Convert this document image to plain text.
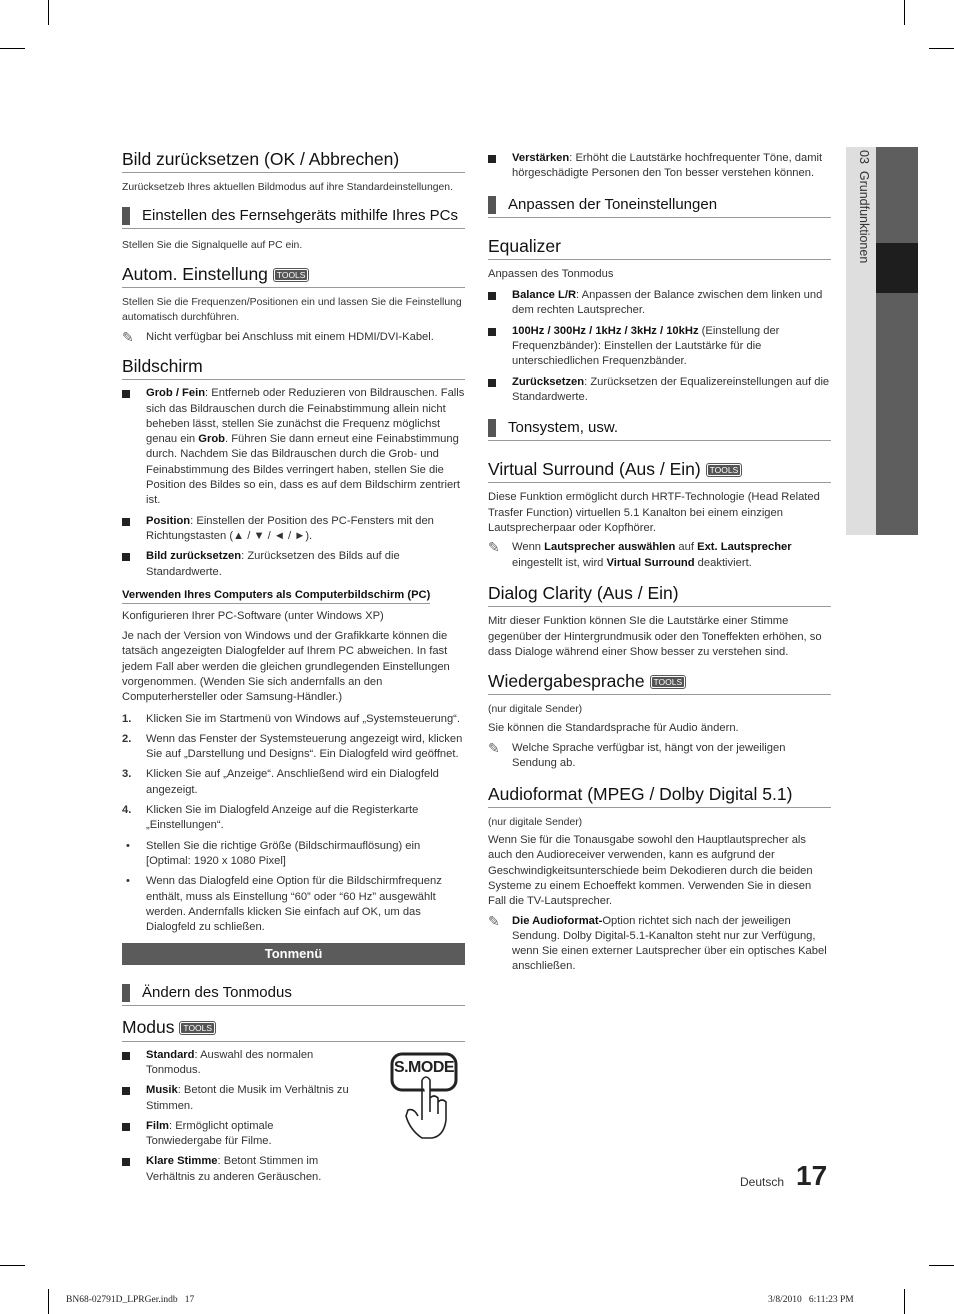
03  Grundfunktionen
Bild zurücksetzen (OK / Abbrechen)

Zurücksetzeb Ihres aktuellen Bildmodus auf ihre Standardeinstellungen.

Einstellen des Fernsehgeräts mithilfe Ihres PCs

Stellen Sie die Signalquelle auf PC ein.

Autom. Einstellung TOOLS

Stellen Sie die Frequenzen/Positionen ein und lassen Sie die Feinstellung automatisch durchführen.

✎ Nicht verfügbar bei Anschluss mit einem HDMI/DVI-Kabel.
Bildschirm
Grob / Fein: Entferneb oder Reduzieren von Bildrauschen. Falls sich das Bildrauschen durch die Feinabstimmung allein nicht beheben lässt, stellen Sie zunächst die Frequenz möglichst genau ein Grob. Führen Sie dann erneut eine Feinabstimmung durch. Nachdem Sie das Bildrauschen durch die Grob- und Feinabstimmung des Bildes verringert haben, stellen Sie die Position des Bildes so ein, dass es auf dem Bildschirm zentriert ist.
Position: Einstellen der Position des PC-Fensters mit den Richtungstasten (▲ / ▼ / ◄ / ►).
Bild zurücksetzen: Zurücksetzen des Bilds auf die Standardwerte.
Verwenden Ihres Computers als Computerbildschirm (PC)

Konfigurieren Ihrer PC-Software (unter Windows XP)

Je nach der Version von Windows und der Grafikkarte können die tatsäch angezeigten Dialogfelder auf Ihrem PC abweichen. In fast jedem Fall aber werden die gleichen grundlegenden Einstellungen vorgenommen. (Wenden Sie sich andernfalls an den Computerhersteller oder Samsung-Händler.)

1. Klicken Sie im Startmenü von Windows auf „Systemsteuerung“.
2. Wenn das Fenster der Systemsteuerung angezeigt wird, klicken Sie auf „Darstellung und Designs“. Ein Dialogfeld wird geöffnet.
3. Klicken Sie auf „Anzeige“. Anschließend wird ein Dialogfeld angezeigt.
4. Klicken Sie im Dialogfeld Anzeige auf die Registerkarte „Einstellungen“.
• Stellen Sie die richtige Größe (Bildschirmauflösung) ein [Optimal: 1920 x 1080 Pixel]
• Wenn das Dialogfeld eine Option für die Bildschirmfrequenz enthält, muss als Einstellung “60” oder “60 Hz” ausgewählt werden. Andernfalls klicken Sie einfach auf OK, um das Dialogfeld zu schließen.
Tonmenü
Ändern des Tonmodus
Modus TOOLS
Standard: Auswahl des normalen Tonmodus.
Musik: Betont die Musik im Verhältnis zu Stimmen.
Film: Ermöglicht optimale Tonwiedergabe für Filme.
Klare Stimme: Betont Stimmen im Verhältnis zu anderen Geräuschen.
S.MODE
Verstärken: Erhöht die Lautstärke hochfrequenter Töne, damit hörgeschädigte Personen den Ton besser verstehen können.
Anpassen der Toneinstellungen
Equalizer

Anpassen des Tonmodus

Balance L/R: Anpassen der Balance zwischen dem linken und dem rechten Lautsprecher.
100Hz / 300Hz / 1kHz / 3kHz / 10kHz (Einstellung der Frequenzbänder): Einstellen der Lautstärke für die unterschiedlichen Frequenzbänder.
Zurücksetzen: Zurücksetzen der Equalizereinstellungen auf die Standardwerte.
Tonsystem, usw.
Virtual Surround (Aus / Ein) TOOLS

Diese Funktion ermöglicht durch HRTF-Technologie (Head Related Trasfer Function) virtuellen 5.1 Kanalton bei einem einzigen Lautsprecherpaar oder Kopfhörer.

✎ Wenn Lautsprecher auswählen auf Ext. Lautsprecher eingestellt ist, wird Virtual Surround deaktiviert.
Dialog Clarity (Aus / Ein)

Mitr dieser Funktion können SIe die Lautstärke einer Stimme gegenüber der Hintergrundmusik oder den Toneffekten erhöhen, so dass Dialoge während einer Show besser zu verstehen sind.

Wiedergabesprache TOOLS

(nur digitale Sender)

Sie können die Standardsprache für Audio ändern.

✎ Welche Sprache verfügbar ist, hängt von der jeweiligen Sendung ab.
Audioformat (MPEG / Dolby Digital 5.1)

(nur digitale Sender)

Wenn Sie für die Tonausgabe sowohl den Hauptlautsprecher als auch den Audioreceiver verwenden, kann es aufgrund der Geschwindigkeitsunterschiede beim Dekodieren durch die beiden Systeme zu einem Echoeffekt kommen. Verwenden Sie in diesen Fall die TV-Lautsprecher.

✎ Die Audioformat-Option richtet sich nach der jeweiligen Sendung. Dolby Digital-5.1-Kanalton steht nur zur Verfügung, wenn Sie einen externer Lautsprecher über ein optisches Kabel anschließen.
Deutsch 17
BN68-02791D_LPRGer.indb   17	3/8/2010   6:11:23 PM
